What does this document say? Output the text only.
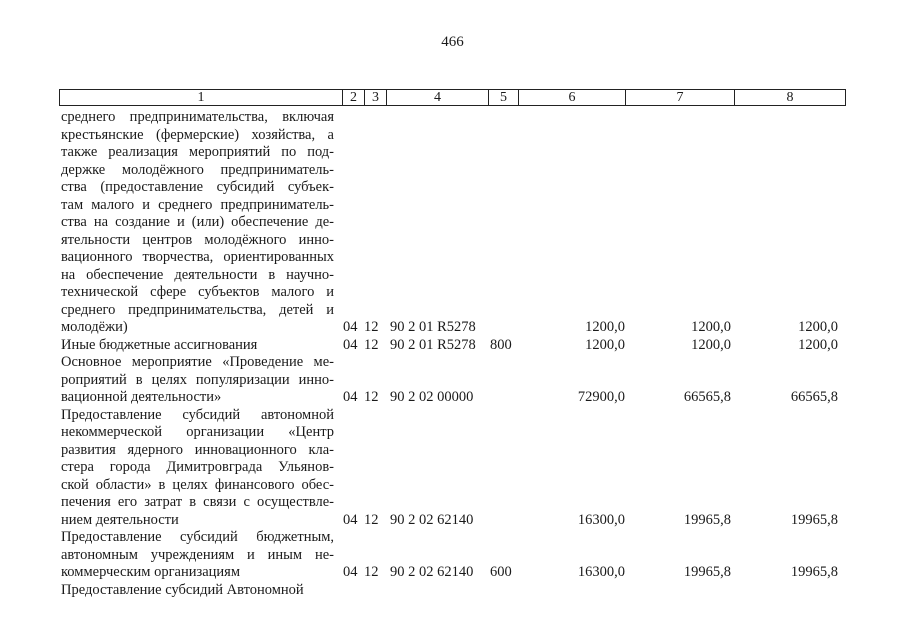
466
1	2	3	4	5	6	7	8
среднего предпринимательства, включая
крестьянские (фермерские) хозяйства, а
также реализация мероприятий по под-
держке молодёжного предприниматель-
ства (предоставление субсидий субъек-
там малого и среднего предприниматель-
ства на создание и (или) обеспечение де-
ятельности центров молодёжного инно-
вационного творчества, ориентированных
на обеспечение деятельности в научно-
технической сфере субъектов малого и
среднего предпринимательства, детей и
молодёжи)	04 12 90 2 01 R5278	1200,0	1200,0	1200,0
Иные бюджетные ассигнования	04 12 90 2 01 R5278 800	1200,0	1200,0	1200,0
Основное мероприятие «Проведение ме-
роприятий в целях популяризации инно-
вационной деятельности»	04 12 90 2 02 00000	72900,0	66565,8	66565,8
Предоставление субсидий автономной
некоммерческой организации «Центр
развития ядерного инновационного кла-
стера города Димитровграда Ульянов-
ской области» в целях финансового обес-
печения его затрат в связи с осуществле-
нием деятельности	04 12 90 2 02 62140	16300,0	19965,8	19965,8
Предоставление субсидий бюджетным,
автономным учреждениям и иным не-
коммерческим организациям	04 12 90 2 02 62140 600	16300,0	19965,8	19965,8
Предоставление субсидий Автономной
